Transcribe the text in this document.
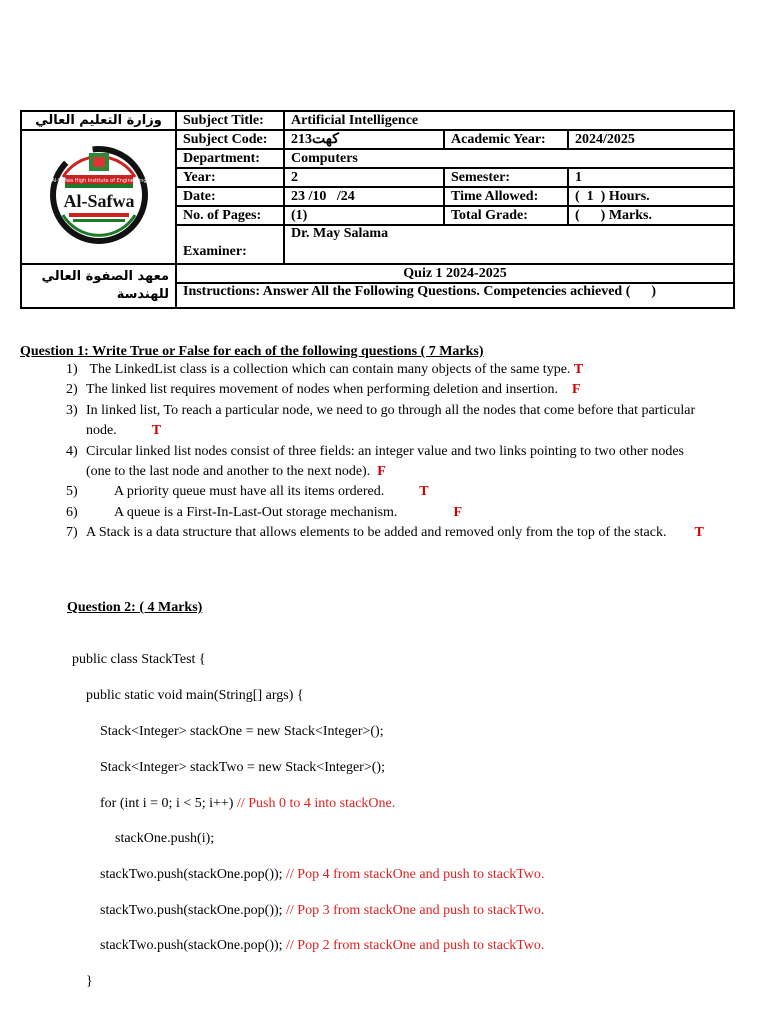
وزارة التعليم العالي	Subject Title:	Artificial Intelligence		

Al-Safwa High Institute of Engineering
Al-Safwa	Subject Code:	213كهت	Academic Year:	2024/2025
	Department:	Computers		
	Year:	2	Semester:	1
	Date:	23 /10   /24	Time Allowed:	(  1  ) Hours.
	No. of Pages:	(1)	Total Grade:	(      ) Marks.
	Examiner:	Dr. May Salama		
معهد الصفوة العالي للهندسة	Quiz 1 2024-2025			
	Instructions: Answer All the Following Questions. Competencies achieved (      )			
Question 1: Write True or False for each of the following questions ( 7 Marks)
1) The LinkedList class is a collection which can contain many objects of the same type. T
2) The linked list requires movement of nodes when performing deletion and insertion.    F
3) In linked list, To reach a particular node, we need to go through all the nodes that come before that particular node.          T
4) Circular linked list nodes consist of three fields: an integer value and two links pointing to two other nodes (one to the last node and another to the next node).  F
5) A priority queue must have all its items ordered.          T
6) A queue is a First-In-Last-Out storage mechanism.                F
7) A Stack is a data structure that allows elements to be added and removed only from the top of the stack.        T
Question 2: ( 4 Marks)
public class StackTest {
public static void main(String[] args) {
Stack<Integer> stackOne = new Stack<Integer>();
Stack<Integer> stackTwo = new Stack<Integer>();
for (int i = 0; i < 5; i++) // Push 0 to 4 into stackOne.
stackOne.push(i);
stackTwo.push(stackOne.pop()); // Pop 4 from stackOne and push to stackTwo.
stackTwo.push(stackOne.pop()); // Pop 3 from stackOne and push to stackTwo.
stackTwo.push(stackOne.pop()); // Pop 2 from stackOne and push to stackTwo.
}
